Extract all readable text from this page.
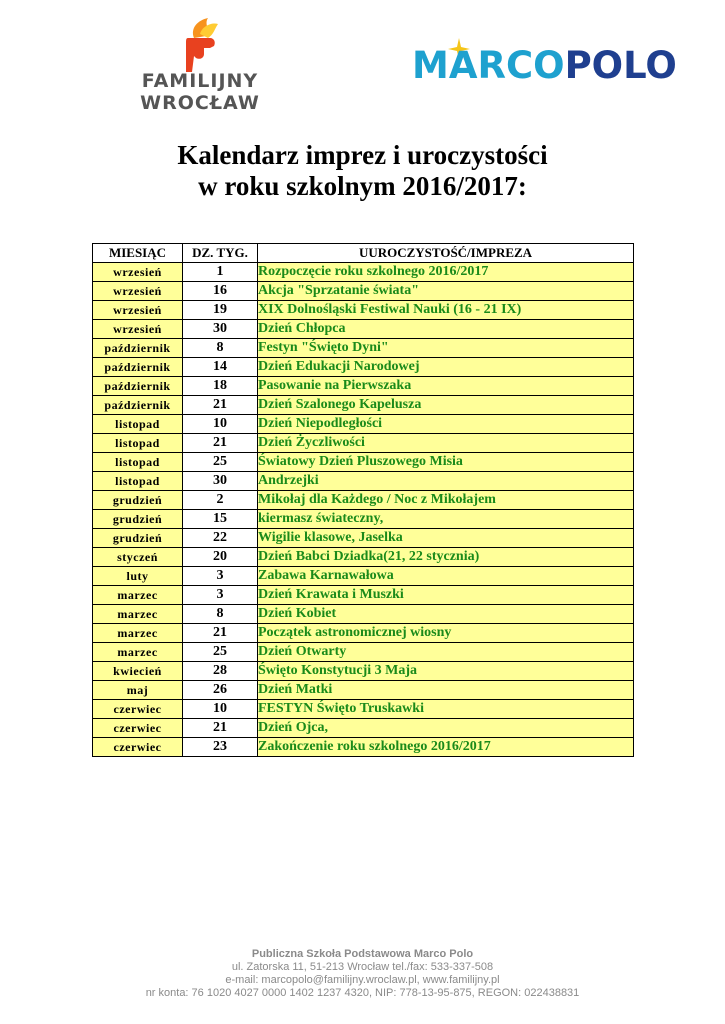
FAMILIJNY WROCŁAW
MARCOPOLO
Kalendarz imprez i uroczystości
w roku szkolnym 2016/2017:
MIESIĄC	DZ. TYG.	UUROCZYSTOŚĆ/IMPREZA
wrzesień	1	Rozpoczęcie roku szkolnego 2016/2017
wrzesień	16	Akcja "Sprzatanie świata"
wrzesień	19	XIX Dolnośląski Festiwal Nauki (16 - 21 IX)
wrzesień	30	Dzień Chłopca
październik	8	Festyn "Święto Dyni"
październik	14	Dzień Edukacji Narodowej
październik	18	Pasowanie na Pierwszaka
październik	21	Dzień Szalonego Kapelusza
listopad	10	Dzień Niepodległości
listopad	21	Dzień Życzliwości
listopad	25	Światowy Dzień Pluszowego Misia
listopad	30	Andrzejki
grudzień	2	Mikołaj dla Każdego / Noc z Mikołajem
grudzień	15	kiermasz świateczny,
grudzień	22	Wigilie klasowe, Jaselka
styczeń	20	Dzień Babci Dziadka(21, 22 stycznia)
luty	3	Zabawa Karnawałowa
marzec	3	Dzień Krawata i Muszki
marzec	8	Dzień Kobiet
marzec	21	Początek astronomicznej wiosny
marzec	25	Dzień Otwarty
kwiecień	28	Święto Konstytucji 3 Maja
maj	26	Dzień Matki
czerwiec	10	FESTYN Święto Truskawki
czerwiec	21	Dzień Ojca,
czerwiec	23	Zakończenie roku szkolnego 2016/2017
Publiczna Szkoła Podstawowa Marco Polo
ul. Zatorska 11, 51-213 Wrocław tel./fax: 533-337-508
e-mail: marcopolo@familijny.wroclaw.pl, www.familijny.pl
nr konta: 76 1020 4027 0000 1402 1237 4320, NIP: 778-13-95-875, REGON: 022438831
